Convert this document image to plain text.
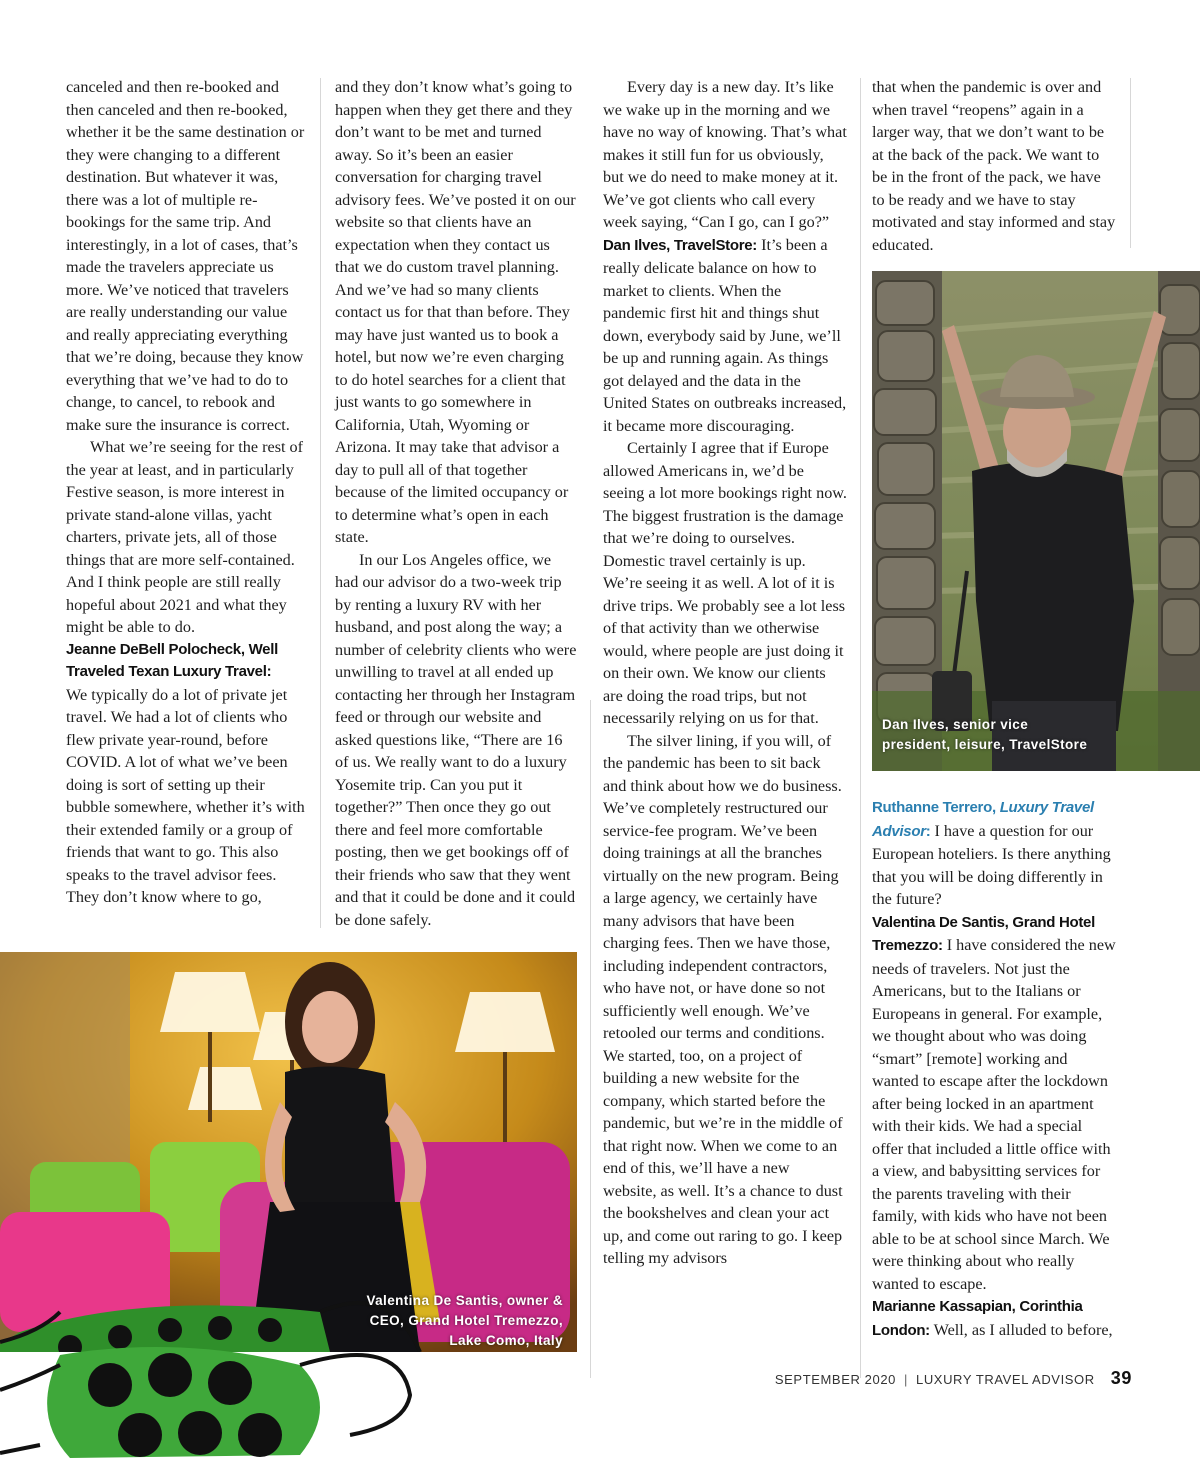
canceled and then re-booked and then canceled and then re-booked, whether it be the same destination or they were changing to a different destination. But whatever it was, there was a lot of multiple re-bookings for the same trip. And interestingly, in a lot of cases, that’s made the travelers appreciate us more. We’ve noticed that travelers are really understanding our value and really appreciating everything that we’re doing, because they know everything that we’ve had to do to change, to cancel, to rebook and make sure the insurance is correct.

What we’re seeing for the rest of the year at least, and in particularly Festive season, is more interest in private stand-alone villas, yacht charters, private jets, all of those things that are more self-contained. And I think people are still really hopeful about 2021 and what they might be able to do.

Jeanne DeBell Polocheck, Well Traveled Texan Luxury Travel:

We typically do a lot of private jet travel. We had a lot of clients who flew private year-round, before COVID. A lot of what we’ve been doing is sort of setting up their bubble somewhere, whether it’s with their extended family or a group of friends that want to go. This also speaks to the travel advisor fees. They don’t know where to go,

and they don’t know what’s going to happen when they get there and they don’t want to be met and turned away. So it’s been an easier conversation for charging travel advisory fees. We’ve posted it on our website so that clients have an expectation when they contact us that we do custom travel planning. And we’ve had so many clients contact us for that than before. They may have just wanted us to book a hotel, but now we’re even charging to do hotel searches for a client that just wants to go somewhere in California, Utah, Wyoming or Arizona. It may take that advisor a day to pull all of that together because of the limited occupancy or to determine what’s open in each state.

In our Los Angeles office, we had our advisor do a two-week trip by renting a luxury RV with her husband, and post along the way; a number of celebrity clients who were unwilling to travel at all ended up contacting her through her Instagram feed or through our website and asked questions like, “There are 16 of us. We really want to do a luxury Yosemite trip. Can you put it together?” Then once they go out there and feel more comfortable posting, then we get bookings off of their friends who saw that they went and that it could be done and it could be done safely.

Every day is a new day. It’s like we wake up in the morning and we have no way of knowing. That’s what makes it still fun for us obviously, but we do need to make money at it. We’ve got clients who call every week saying, “Can I go, can I go?”

Dan Ilves, TravelStore: It’s been a really delicate balance on how to market to clients. When the pandemic first hit and things shut down, everybody said by June, we’ll be up and running again. As things got delayed and the data in the United States on outbreaks increased, it became more discouraging.

Certainly I agree that if Europe allowed Americans in, we’d be seeing a lot more bookings right now. The biggest frustration is the damage that we’re doing to ourselves. Domestic travel certainly is up. We’re seeing it as well. A lot of it is drive trips. We probably see a lot less of that activity than we otherwise would, where people are just doing it on their own. We know our clients are doing the road trips, but not necessarily relying on us for that.

The silver lining, if you will, of the pandemic has been to sit back and think about how we do business. We’ve completely restructured our service-fee program. We’ve been doing trainings at all the branches virtually on the new program. Being a large agency, we certainly have many advisors that have been charging fees. Then we have those, including independent contractors, who have not, or have done so not sufficiently well enough. We’ve retooled our terms and conditions. We started, too, on a project of building a new website for the company, which started before the pandemic, but we’re in the middle of that right now. When we come to an end of this, we’ll have a new website, as well. It’s a chance to dust the bookshelves and clean your act up, and come out raring to go. I keep telling my advisors

that when the pandemic is over and when travel “reopens” again in a larger way, that we don’t want to be at the back of the pack. We want to be in the front of the pack, we have to be ready and we have to stay motivated and stay informed and stay educated.

Ruthanne Terrero, Luxury Travel Advisor: I have a question for our European hoteliers. Is there anything that you will be doing differently in the future?

Valentina De Santis, Grand Hotel Tremezzo: I have considered the new needs of travelers. Not just the Americans, but to the Italians or Europeans in general. For example, we thought about who was doing “smart” [remote] working and wanted to escape after the lockdown after being locked in an apartment with their kids. We had a special offer that included a little office with a view, and babysitting services for the parents traveling with their family, with kids who have not been able to be at school since March. We were thinking about who really wanted to escape.

Marianne Kassapian, Corinthia London: Well, as I alluded to before,

Dan Ilves, senior vice
president, leisure, TravelStore
Valentina De Santis, owner &
CEO, Grand Hotel Tremezzo,
Lake Como, Italy
SEPTEMBER 2020 | LUXURY TRAVEL ADVISOR 39
